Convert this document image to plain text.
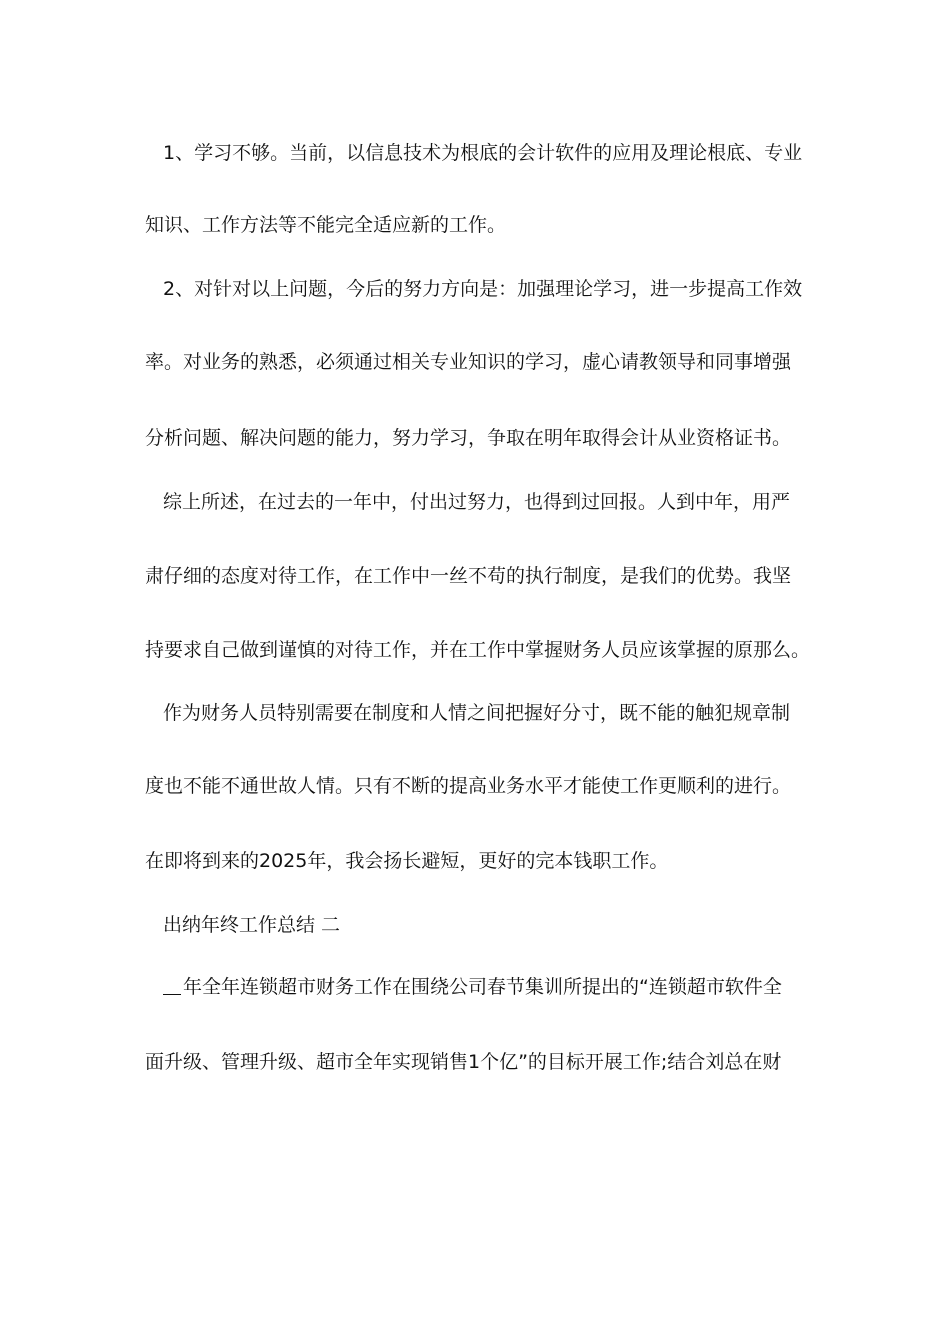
1、学习不够。当前，以信息技术为根底的会计软件的应用及理论根底、专业
知识、工作方法等不能完全适应新的工作。
2、对针对以上问题，今后的努力方向是：加强理论学习，进一步提高工作效
率。对业务的熟悉，必须通过相关专业知识的学习，虚心请教领导和同事增强
分析问题、解决问题的能力，努力学习，争取在明年取得会计从业资格证书。
综上所述，在过去的一年中，付出过努力，也得到过回报。人到中年，用严
肃仔细的态度对待工作，在工作中一丝不苟的执行制度，是我们的优势。我坚
持要求自己做到谨慎的对待工作，并在工作中掌握财务人员应该掌握的原那么。
作为财务人员特别需要在制度和人情之间把握好分寸，既不能的触犯规章制
度也不能不通世故人情。只有不断的提高业务水平才能使工作更顺利的进行。
在即将到来的2025年，我会扬长避短，更好的完本钱职工作。
出纳年终工作总结 二
年全年连锁超市财务工作在围绕公司春节集训所提出的“连锁超市软件全
面升级、管理升级、超市全年实现销售1个亿”的目标开展工作;结合刘总在财
